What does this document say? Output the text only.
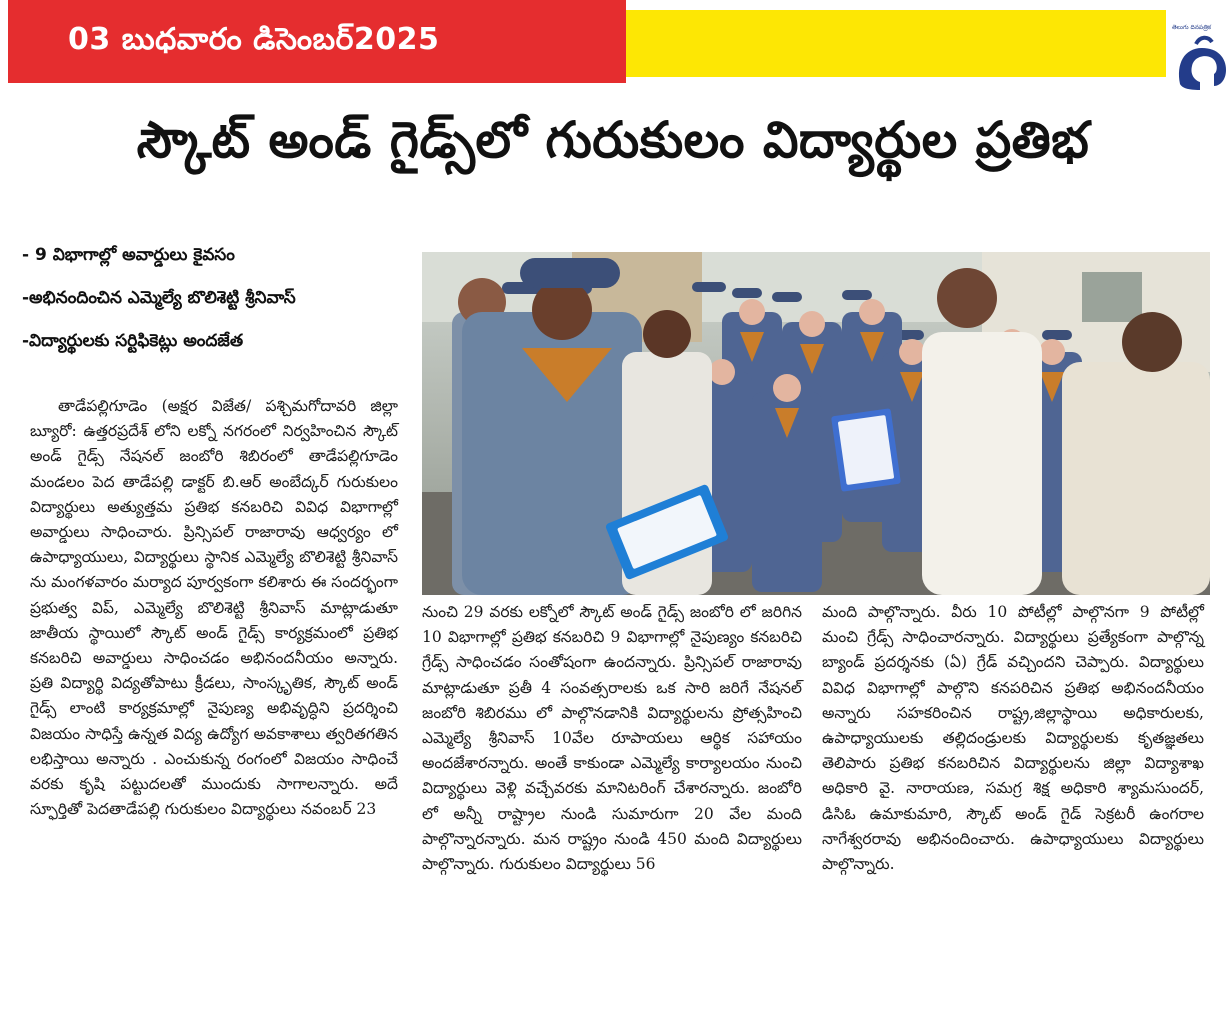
03 బుధవారం డిసెంబర్2025	తెలుగు దినపత్రిక
స్కౌట్ అండ్ గైడ్స్‌లో గురుకులం విద్యార్థుల ప్రతిభ
- 9 విభాగాల్లో అవార్డులు కైవసం
-అభినందించిన ఎమ్మెల్యే బొలిశెట్టి శ్రీనివాస్
-విద్యార్థులకు సర్టిఫికెట్లు అందజేత
తాడేపల్లిగూడెం (అక్షర విజేత/ పశ్చిమగోదావరి జిల్లా బ్యూరో: ఉత్తరప్రదేశ్ లోని లక్నో నగరంలో నిర్వహించిన స్కౌట్ అండ్ గైడ్స్ నేషనల్ జంబోరి శిబిరంలో తాడేపల్లిగూడెం మండలం పెద తాడేపల్లి డాక్టర్ బి.ఆర్ అంబేద్కర్ గురుకులం విద్యార్థులు అత్యుత్తమ ప్రతిభ కనబరిచి వివిధ విభాగాల్లో అవార్డులు సాధించారు. ప్రిన్సిపల్ రాజారావు ఆధ్వర్యం లో ఉపాధ్యాయులు, విద్యార్థులు స్థానిక ఎమ్మెల్యే బొలిశెట్టి శ్రీనివాస్ ను మంగళవారం మర్యాద పూర్వకంగా కలిశారు ఈ సందర్భంగా ప్రభుత్వ విప్, ఎమ్మెల్యే బొలిశెట్టి శ్రీనివాస్ మాట్లాడుతూ జాతీయ స్థాయిలో స్కౌట్ అండ్ గైడ్స్ కార్యక్రమంలో ప్రతిభ కనబరిచి అవార్డులు సాధించడం అభినందనీయం అన్నారు. ప్రతి విద్యార్థి విద్యతోపాటు క్రీడలు, సాంస్కృతిక, స్కౌట్ అండ్ గైడ్స్ లాంటి కార్యక్రమాల్లో నైపుణ్య అభివృద్ధిని ప్రదర్శించి విజయం సాధిస్తే ఉన్నత విద్య ఉద్యోగ అవకాశాలు త్వరితగతిన లభిస్తాయి అన్నారు . ఎంచుకున్న రంగంలో విజయం సాధించే వరకు కృషి పట్టుదలతో ముందుకు సాగాలన్నారు. అదే స్ఫూర్తితో పెదతాడేపల్లి గురుకులం విద్యార్థులు నవంబర్ 23
నుంచి 29 వరకు లక్నోలో స్కౌట్ అండ్ గైడ్స్ జంబోరి లో జరిగిన 10 విభాగాల్లో ప్రతిభ కనబరిచి 9 విభాగాల్లో నైపుణ్యం కనబరిచి గ్రేడ్స్ సాధించడం సంతోషంగా ఉందన్నారు. ప్రిన్సిపల్ రాజారావు మాట్లాడుతూ ప్రతీ 4 సంవత్సరాలకు ఒక సారి జరిగే నేషనల్ జంబోరి శిబిరము లో పాల్గొనడానికి విద్యార్థులను ప్రోత్సహించి ఎమ్మెల్యే శ్రీనివాస్ 10వేల రూపాయలు ఆర్థిక సహాయం అందజేశారన్నారు. అంతే కాకుండా ఎమ్మెల్యే కార్యాలయం నుంచి విద్యార్థులు వెళ్లి వచ్చేవరకు మానిటరింగ్ చేశారన్నారు. జంబోరి లో అన్నీ రాష్ట్రాల నుండి సుమారుగా 20 వేల మంది పాల్గొన్నారన్నారు. మన రాష్ట్రం నుండి 450 మంది విద్యార్థులు పాల్గొన్నారు. గురుకులం విద్యార్థులు 56
మంది పాల్గొన్నారు. వీరు 10 పోటీల్లో పాల్గొనగా 9 పోటీల్లో మంచి గ్రేడ్స్ సాధించారన్నారు. విద్యార్థులు ప్రత్యేకంగా పాల్గొన్న బ్యాండ్ ప్రదర్శనకు (ఏ) గ్రేడ్ వచ్చిందని చెప్పారు. విద్యార్థులు వివిధ విభాగాల్లో పాల్గొని కనపరిచిన ప్రతిభ అభినందనీయం అన్నారు సహకరించిన రాష్ట్ర,జిల్లాస్థాయి అధికారులకు, ఉపాధ్యాయులకు తల్లిదండ్రులకు విద్యార్థులకు కృతజ్ఞతలు తెలిపారు ప్రతిభ కనబరిచిన విద్యార్థులను జిల్లా విద్యాశాఖ అధికారి వై. నారాయణ, సమగ్ర శిక్ష అధికారి శ్యామసుందర్, డిసిఓ ఉమాకుమారి, స్కౌట్ అండ్ గైడ్ సెక్రటరీ ఉంగరాల నాగేశ్వరరావు అభినందించారు. ఉపాధ్యాయులు విద్యార్థులు పాల్గొన్నారు.
